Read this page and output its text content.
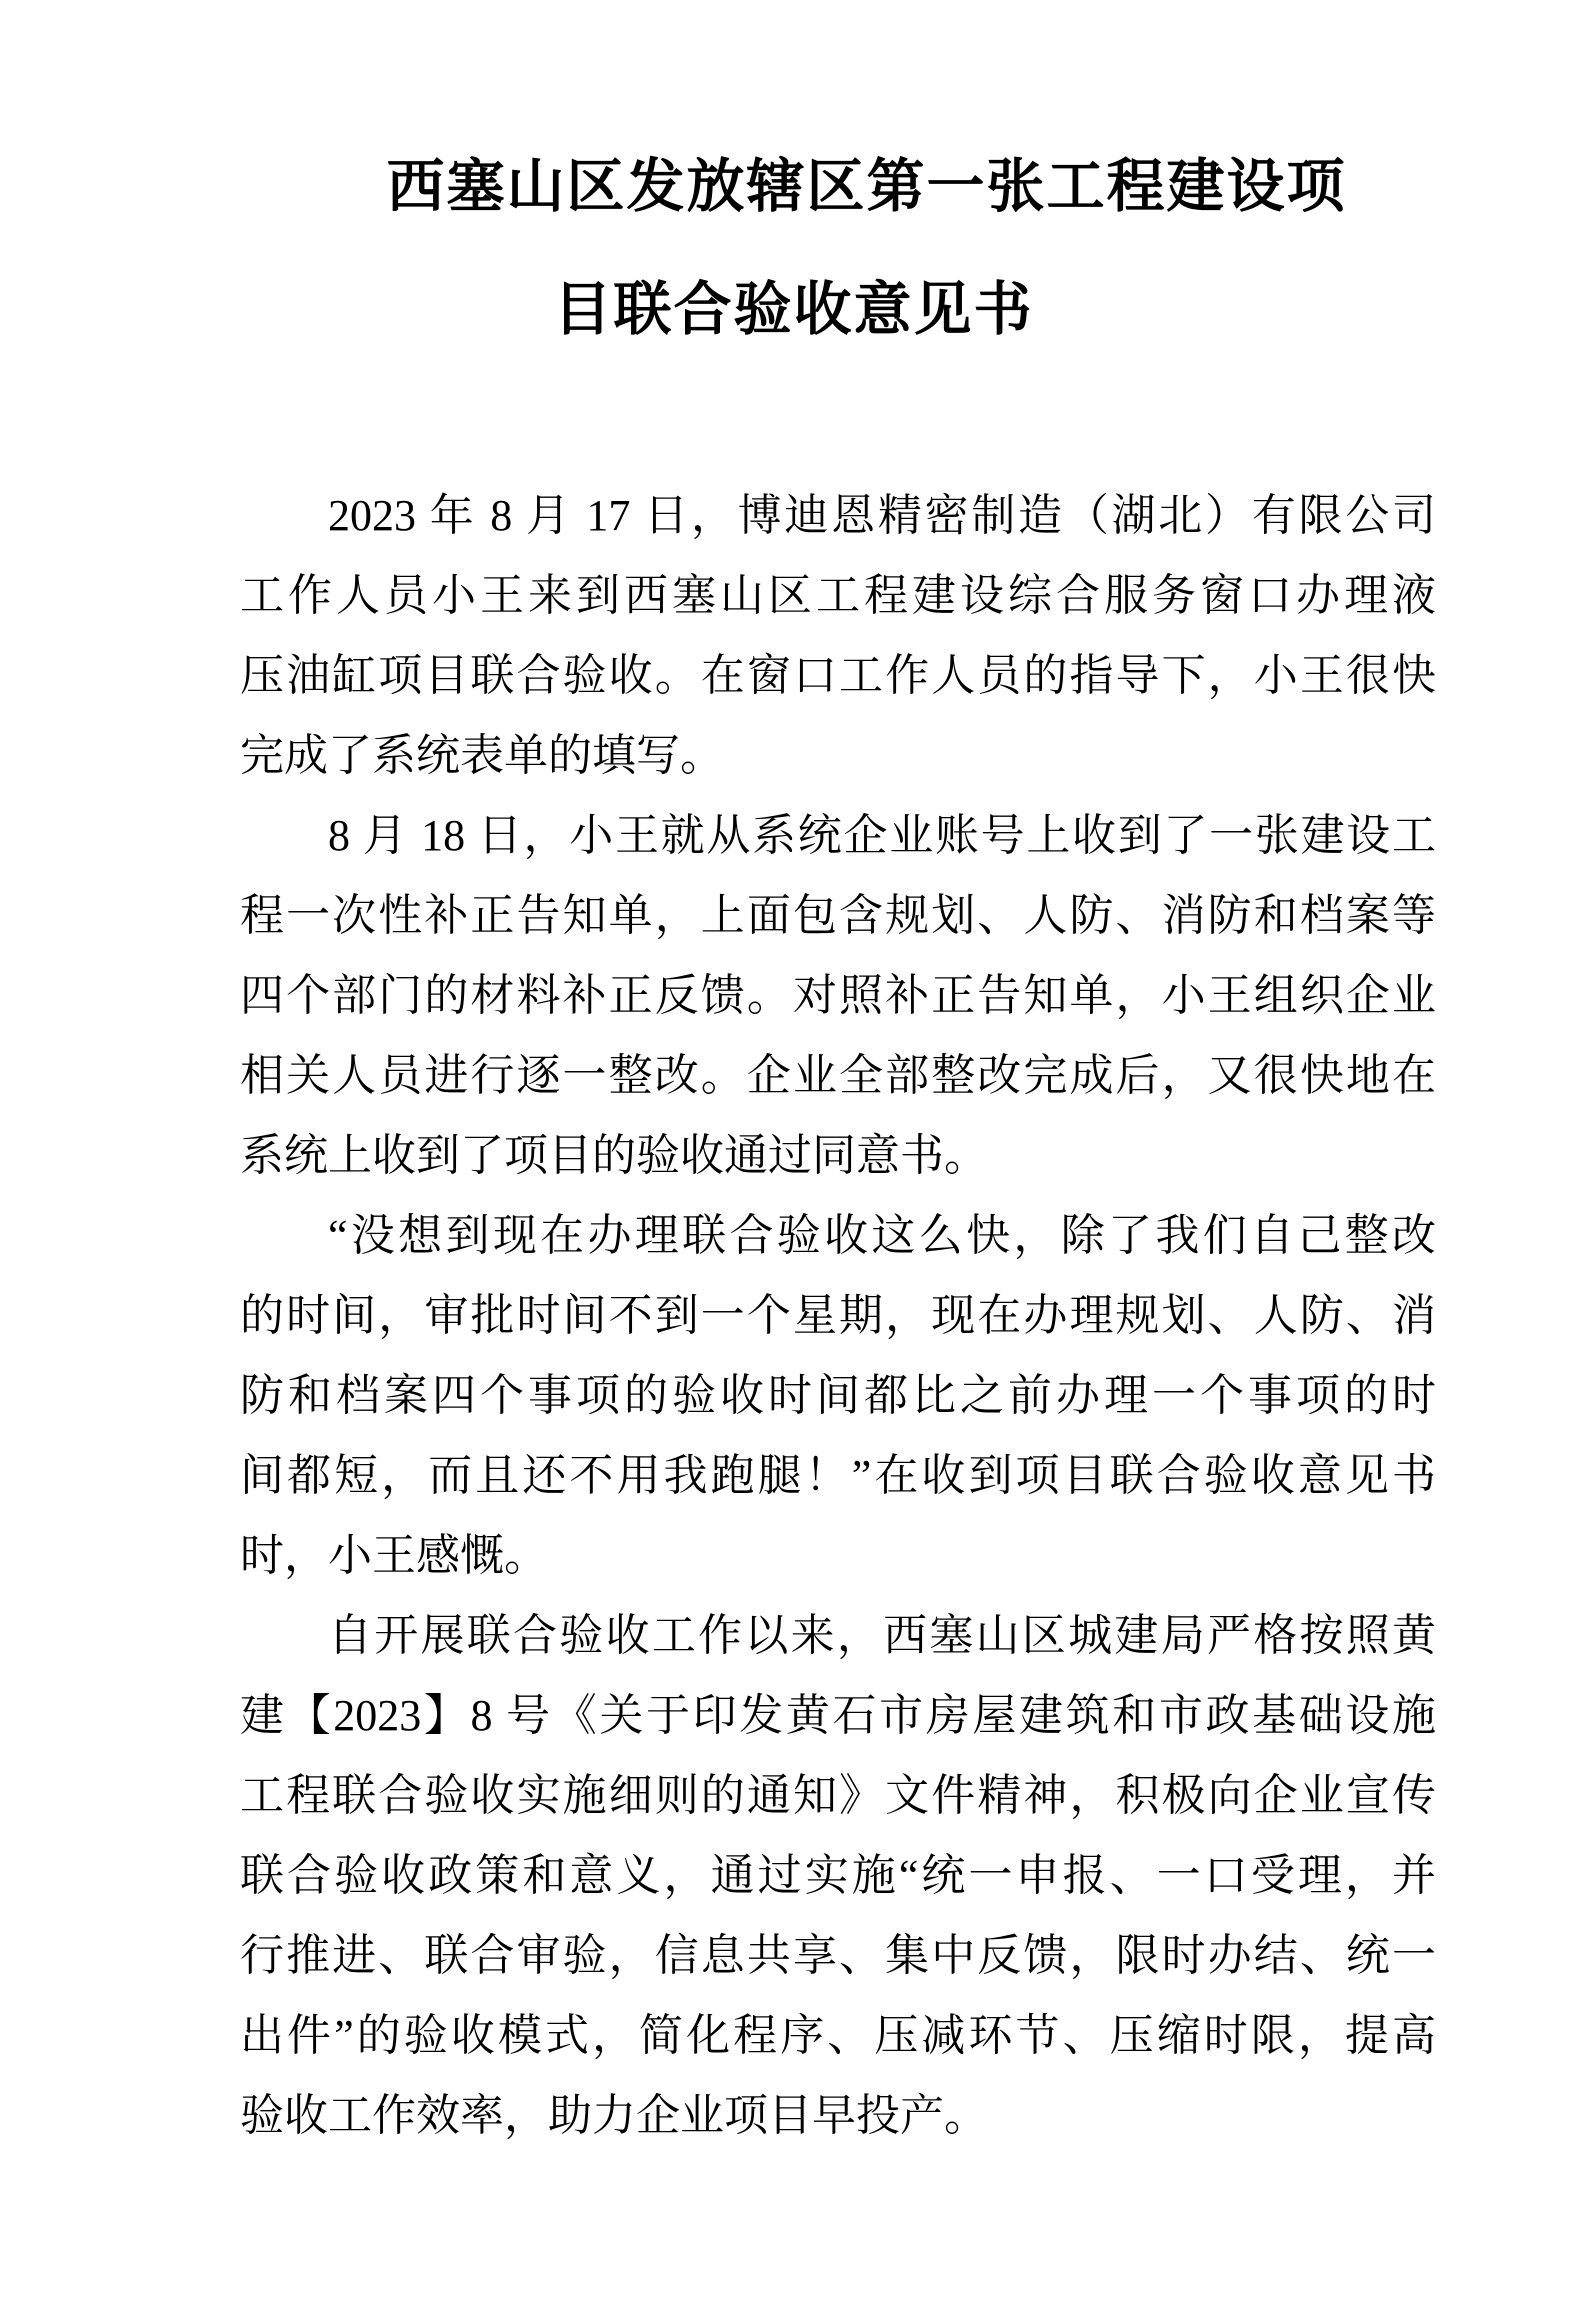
西塞山区发放辖区第一张工程建设项
目联合验收意见书
2023 年 8 月 17 日，博迪恩精密制造（湖北）有限公司
工作人员小王来到西塞山区工程建设综合服务窗口办理液
压油缸项目联合验收。在窗口工作人员的指导下，小王很快
完成了系统表单的填写。
8 月 18 日，小王就从系统企业账号上收到了一张建设工
程一次性补正告知单，上面包含规划、人防、消防和档案等
四个部门的材料补正反馈。对照补正告知单，小王组织企业
相关人员进行逐一整改。企业全部整改完成后，又很快地在
系统上收到了项目的验收通过同意书。
“没想到现在办理联合验收这么快，除了我们自己整改
的时间，审批时间不到一个星期，现在办理规划、人防、消
防和档案四个事项的验收时间都比之前办理一个事项的时
间都短，而且还不用我跑腿！”在收到项目联合验收意见书
时，小王感慨。
自开展联合验收工作以来，西塞山区城建局严格按照黄
建【2023】8 号《关于印发黄石市房屋建筑和市政基础设施
工程联合验收实施细则的通知》文件精神，积极向企业宣传
联合验收政策和意义，通过实施“统一申报、一口受理，并
行推进、联合审验，信息共享、集中反馈，限时办结、统一
出件”的验收模式，简化程序、压减环节、压缩时限，提高
验收工作效率，助力企业项目早投产。
